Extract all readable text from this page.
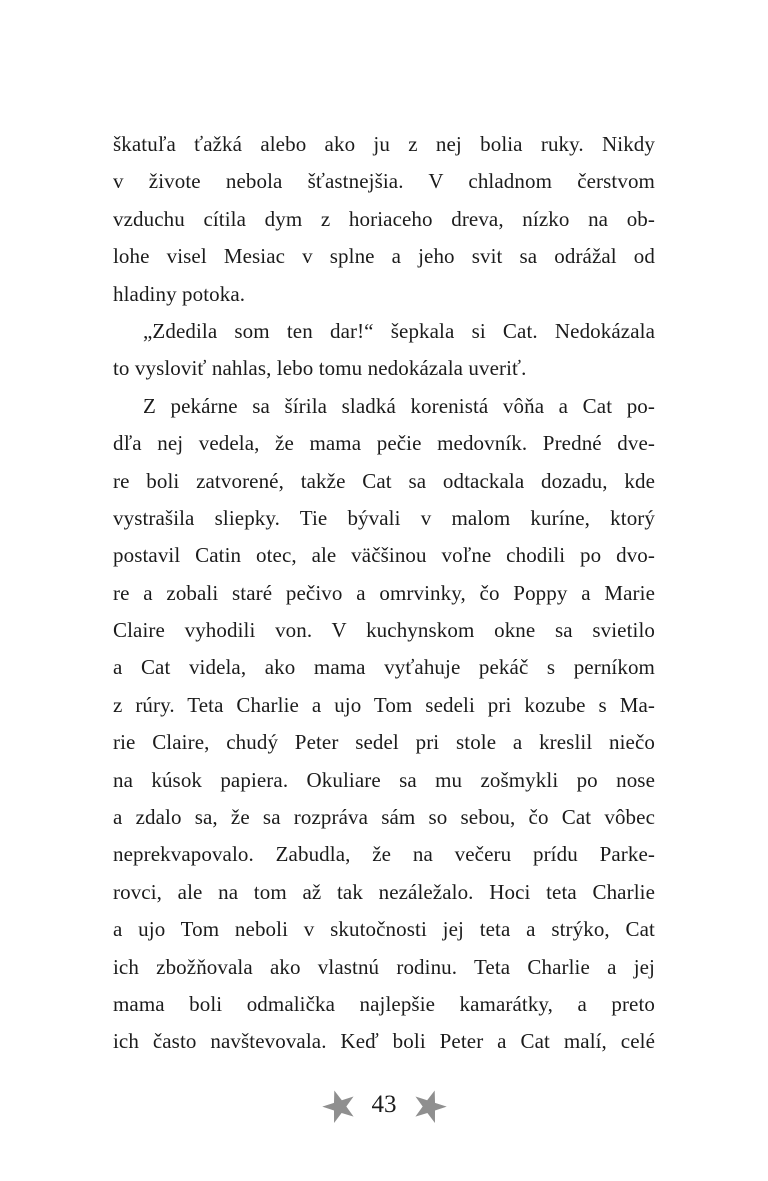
škatuľa ťažká alebo ako ju z nej bolia ruky. Nikdy
v živote nebola šťastnejšia. V chladnom čerstvom
vzduchu cítila dym z horiaceho dreva, nízko na ob-
lohe visel Mesiac v splne a jeho svit sa odrážal od
hladiny potoka.
„Zdedila som ten dar!“ šepkala si Cat. Nedokázala
to vysloviť nahlas, lebo tomu nedokázala uveriť.
Z pekárne sa šírila sladká korenistá vôňa a Cat po-
dľa nej vedela, že mama pečie medovník. Predné dve-
re boli zatvorené, takže Cat sa odtackala dozadu, kde
vystrašila sliepky. Tie bývali v malom kuríne, ktorý
postavil Catin otec, ale väčšinou voľne chodili po dvo-
re a zobali staré pečivo a omrvinky, čo Poppy a Marie
Claire vyhodili von. V kuchynskom okne sa svietilo
a Cat videla, ako mama vyťahuje pekáč s perníkom
z rúry. Teta Charlie a ujo Tom sedeli pri kozube s Ma-
rie Claire, chudý Peter sedel pri stole a kreslil niečo
na kúsok papiera. Okuliare sa mu zošmykli po nose
a zdalo sa, že sa rozpráva sám so sebou, čo Cat vôbec
neprekvapovalo. Zabudla, že na večeru prídu Parke-
rovci, ale na tom až tak nezáležalo. Hoci teta Charlie
a ujo Tom neboli v skutočnosti jej teta a strýko, Cat
ich zbožňovala ako vlastnú rodinu. Teta Charlie a jej
mama boli odmalička najlepšie kamarátky, a preto
ich často navštevovala. Keď boli Peter a Cat malí, celé
43
